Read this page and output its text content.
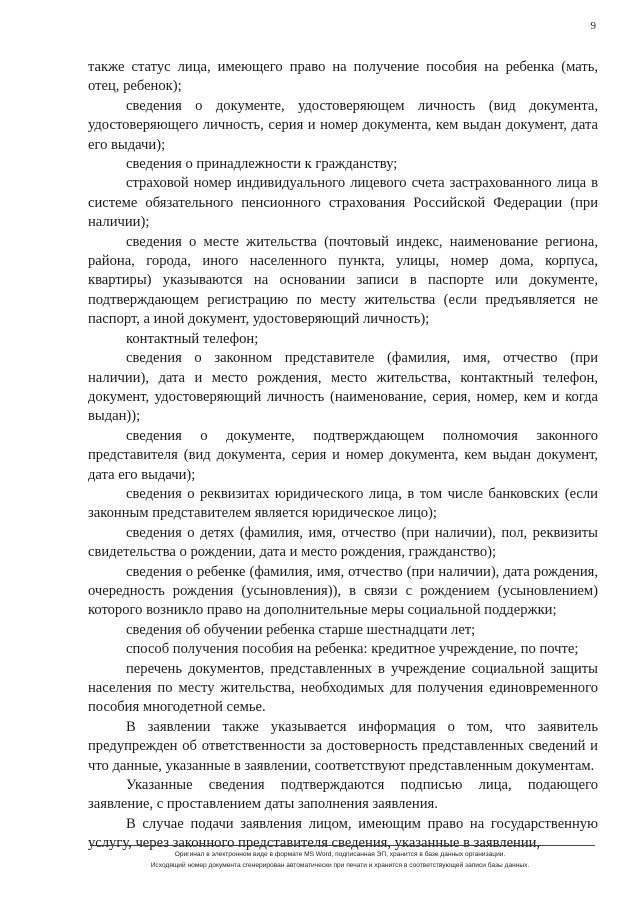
9

также статус лица, имеющего право на получение пособия на ребенка (мать, отец, ребенок);

сведения о документе, удостоверяющем личность (вид документа, удостоверяющего личность, серия и номер документа, кем выдан документ, дата его выдачи);

сведения о принадлежности к гражданству;

страховой номер индивидуального лицевого счета застрахованного лица в системе обязательного пенсионного страхования Российской Федерации (при наличии);

сведения о месте жительства (почтовый индекс, наименование региона, района, города, иного населенного пункта, улицы, номер дома, корпуса, квартиры) указываются на основании записи в паспорте или документе, подтверждающем регистрацию по месту жительства (если предъявляется не паспорт, а иной документ, удостоверяющий личность);

контактный телефон;

сведения о законном представителе (фамилия, имя, отчество (при наличии), дата и место рождения, место жительства, контактный телефон, документ, удостоверяющий личность (наименование, серия, номер, кем и когда выдан));

сведения о документе, подтверждающем полномочия законного представителя (вид документа, серия и номер документа, кем выдан документ, дата его выдачи);

сведения о реквизитах юридического лица, в том числе банковских (если законным представителем является юридическое лицо);

сведения о детях (фамилия, имя, отчество (при наличии), пол, реквизиты свидетельства о рождении, дата и место рождения, гражданство);

сведения о ребенке (фамилия, имя, отчество (при наличии), дата рождения, очередность рождения (усыновления)), в связи с рождением (усыновлением) которого возникло право на дополнительные меры социальной поддержки;

сведения об обучении ребенка старше шестнадцати лет;

способ получения пособия на ребенка: кредитное учреждение, по почте;

перечень документов, представленных в учреждение социальной защиты населения по месту жительства, необходимых для получения единовременного пособия многодетной семье.

В заявлении также указывается информация о том, что заявитель предупрежден об ответственности за достоверность представленных сведений и что данные, указанные в заявлении, соответствуют представленным документам.

Указанные сведения подтверждаются подписью лица, подающего заявление, с проставлением даты заполнения заявления.

В случае подачи заявления лицом, имеющим право на государственную услугу, через законного представителя сведения, указанные в заявлении,

Оригинал в электронном виде в формате MS Word, подписанная ЭП, хранится в базе данных организации.
Исходящий номер документа сгенерирован автоматически при печати и хранится в соответствующей записи базы данных.
